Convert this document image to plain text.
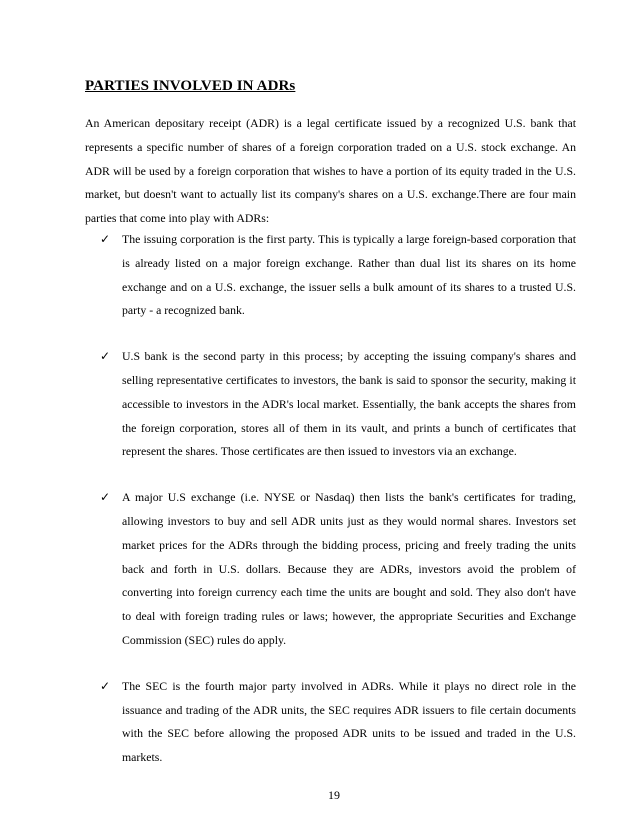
PARTIES INVOLVED IN ADRs

An American depositary receipt (ADR) is a legal certificate issued by a recognized U.S. bank that represents a specific number of shares of a foreign corporation traded on a U.S. stock exchange. An ADR will be used by a foreign corporation that wishes to have a portion of its equity traded in the U.S. market, but doesn't want to actually list its company's shares on a U.S. exchange.There are four main parties that come into play with ADRs:

✓ The issuing corporation is the first party. This is typically a large foreign-based corporation that is already listed on a major foreign exchange. Rather than dual list its shares on its home exchange and on a U.S. exchange, the issuer sells a bulk amount of its shares to a trusted U.S. party - a recognized bank.
✓ U.S bank is the second party in this process; by accepting the issuing company's shares and selling representative certificates to investors, the bank is said to sponsor the security, making it accessible to investors in the ADR's local market. Essentially, the bank accepts the shares from the foreign corporation, stores all of them in its vault, and prints a bunch of certificates that represent the shares. Those certificates are then issued to investors via an exchange.
✓ A major U.S exchange (i.e. NYSE or Nasdaq) then lists the bank's certificates for trading, allowing investors to buy and sell ADR units just as they would normal shares. Investors set market prices for the ADRs through the bidding process, pricing and freely trading the units back and forth in U.S. dollars. Because they are ADRs, investors avoid the problem of converting into foreign currency each time the units are bought and sold. They also don't have to deal with foreign trading rules or laws; however, the appropriate Securities and Exchange Commission (SEC) rules do apply.
✓ The SEC is the fourth major party involved in ADRs. While it plays no direct role in the issuance and trading of the ADR units, the SEC requires ADR issuers to file certain documents with the SEC before allowing the proposed ADR units to be issued and traded in the U.S. markets.
19
